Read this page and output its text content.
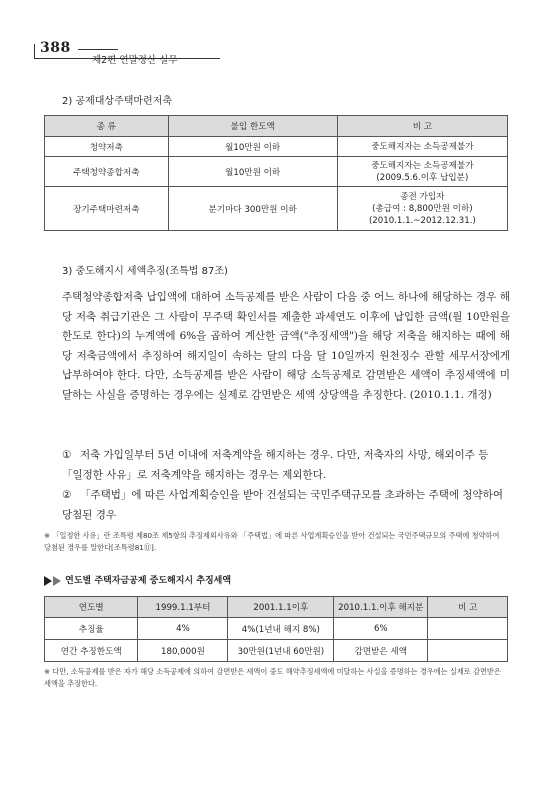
388
제2편 연말정산 실무
2) 공제대상주택마련저축
종 류	불입 한도액	비 고
청약저축	월10만원 이하	중도해지자는 소득공제불가

주택청약종합저축	월10만원 이하	중도해지자는 소득공제불가
(2009.5.6.이후 납입분)

장기주택마련저축	분기마다 300만원 이하	종전 가입자
(총급여 : 8,800만원 이하)
(2010.1.1.~2012.12.31.)
3) 중도해지시 세액추징(조특법 87조)
주택청약종합저축 납입액에 대하여 소득공제를 받은 사람이 다음 중 어느 하나에 해당하는 경우 해당 저축 취급기관은 그 사람이 무주택 확인서를 제출한 과세연도 이후에 납입한 금액(월 10만원을 한도로 한다)의 누계액에 6%을 곱하여 계산한 금액("추징세액")을 해당 저축을 해지하는 때에 해당 저축금액에서 추징하여 해지일이 속하는 달의 다음 달 10일까지 원천징수 관할 세무서장에게 납부하여야 한다. 다만, 소득공제를 받은 사람이 해당 소득공제로 감면받은 세액이 추징세액에 미달하는 사실을 증명하는 경우에는 실제로 감면받은 세액 상당액을 추징한다. (2010.1.1. 개정)
① 저축 가입일부터 5년 이내에 저축계약을 해지하는 경우. 다만, 저축자의 사망, 해외이주 등 「일정한 사유」로 저축계약을 해지하는 경우는 제외한다.
② 「주택법」에 따른 사업계획승인을 받아 건설되는 국민주택규모를 초과하는 주택에 청약하여 당첨된 경우
※ 「일정한 사유」란 조특령 제80조 제5항의 추징제외사유와 「주택법」에 따른 사업계획승인을 받아 건설되는 국민주택규모의 주택에 청약하여 당첨된 경우를 말한다[조특령81⑪].
연도별 주택자금공제 중도해지시 추징세액
연도별	1999.1.1부터	2001.1.1이후	2010.1.1.이후 해지분	비 고
추징율	4%	4%(1년내 해지 8%)	6%	
연간 추징한도액	180,000원	30만원(1년내 60만원)	감면받은 세액	
※ 다만, 소득공제를 받은 자가 해당 소득공제에 의하여 감면받은 세액이 중도 해약추징세액에 미달하는 사실을 증명하는 경우에는 실제로 감면받은 세액을 추징한다.
